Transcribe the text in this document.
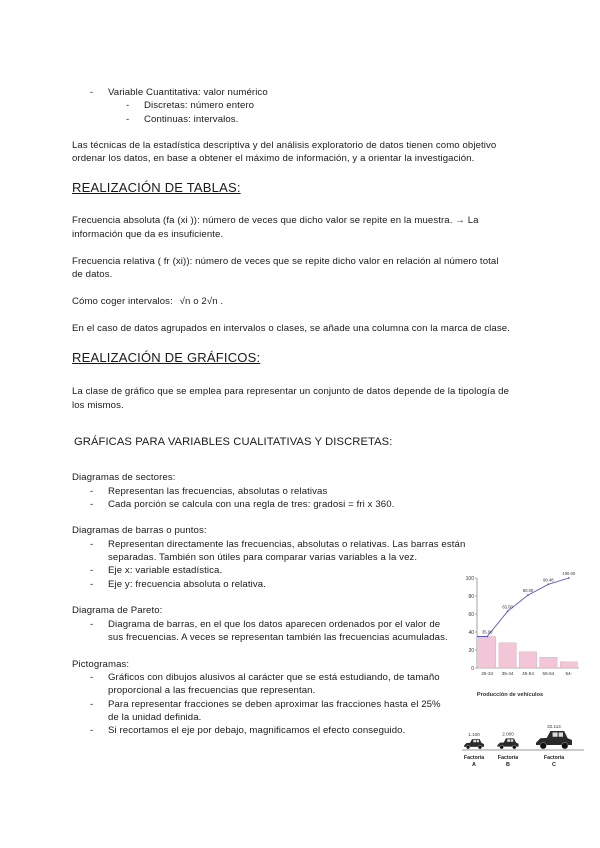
- Variable Cuantitativa: valor numérico
- Discretas: número entero
- Continuas: intervalos.
Las técnicas de la estadística descriptiva y del análisis exploratorio de datos tienen como objetivo
ordenar los datos, en base a obtener el máximo de información, y a orientar la investigación.
REALIZACIÓN DE TABLAS:
Frecuencia absoluta (fa (xi )): número de veces que dicho valor se repite en la muestra. → La
información que da es insuficiente.
Frecuencia relativa ( fr (xi)): número de veces que se repite dicho valor en relación al número total
de datos.
Cómo coger intervalos: √n o 2√n .
En el caso de datos agrupados en intervalos o clases, se añade una columna con la marca de clase.
REALIZACIÓN DE GRÁFICOS:
La clase de gráfico que se emplea para representar un conjunto de datos depende de la tipología de
los mismos.
GRÁFICAS PARA VARIABLES CUALITATIVAS Y DISCRETAS:
Diagramas de sectores:
- Representan las frecuencias, absolutas o relativas
- Cada porción se calcula con una regla de tres: gradosi = fri x 360.
Diagramas de barras o puntos:
- Representan directamente las frecuencias, absolutas o relativas. Las barras están
separadas. También son útiles para comparar varias variables a la vez.
- Eje x: variable estadística.
- Eje y: frecuencia absoluta o relativa.
Diagrama de Pareto:
- Diagrama de barras, en el que los datos aparecen ordenados por el valor de
sus frecuencias. A veces se representan también las frecuencias acumuladas.
Pictogramas:
- Gráficos con dibujos alusivos al carácter que se está estudiando, de tamaño
proporcional a las frecuencias que representan.
- Para representar fracciones se deben aproximar las fracciones hasta el 25%
de la unidad definida.
- Si recortamos el eje por debajo, magnificamos el efecto conseguido.
100
80
60
40
20
0
25-34 35-44 45-54 55-64 54-
35.00
63.00
80.00
90.48
100.00
Producción de vehículos
1.100
Factoría
A
2.000
Factoría
B
32.114
Factoría
C
